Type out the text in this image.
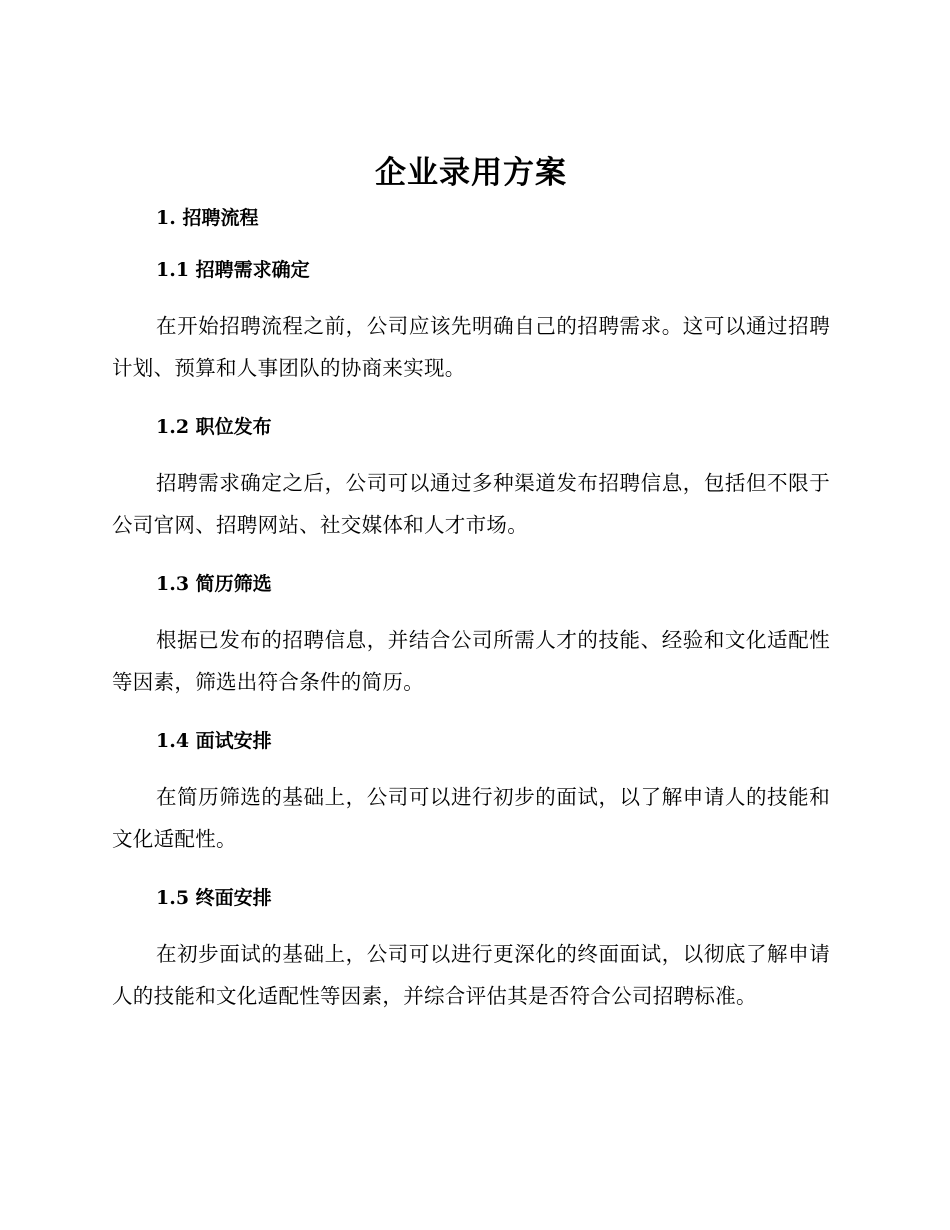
企业录用方案
1. 招聘流程
1.1 招聘需求确定

在开始招聘流程之前，公司应该先明确自己的招聘需求。这可以通过招聘计划、预算和人事团队的协商来实现。

1.2 职位发布

招聘需求确定之后，公司可以通过多种渠道发布招聘信息，包括但不限于公司官网、招聘网站、社交媒体和人才市场。

1.3 简历筛选

根据已发布的招聘信息，并结合公司所需人才的技能、经验和文化适配性等因素，筛选出符合条件的简历。

1.4 面试安排

在简历筛选的基础上，公司可以进行初步的面试，以了解申请人的技能和文化适配性。

1.5 终面安排

在初步面试的基础上，公司可以进行更深化的终面面试，以彻底了解申请人的技能和文化适配性等因素，并综合评估其是否符合公司招聘标准。
